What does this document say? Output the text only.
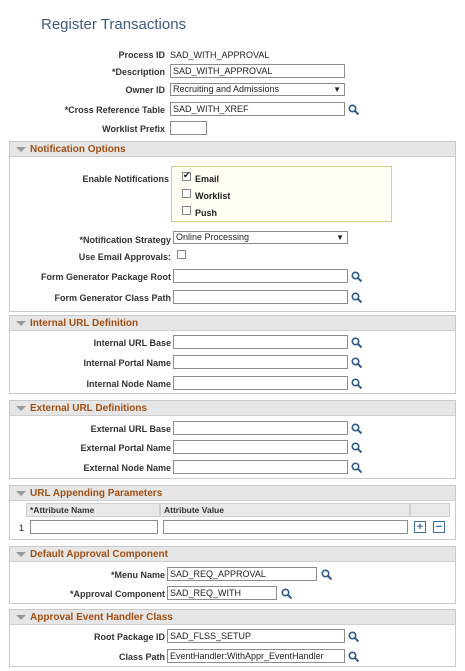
Register Transactions
Process ID SAD_WITH_APPROVAL
*Description SAD_WITH_APPROVAL
Owner ID Recruiting and Admissions	▼
*Cross Reference Table SAD_WITH_XREF
Worklist Prefix
Notification Options
Enable Notifications
✔	Email
Worklist
Push
*Notification Strategy Online Processing	▼
Use Email Approvals:
Form Generator Package Root
Form Generator Class Path
Internal URL Definition
Internal URL Base
Internal Portal Name
Internal Node Name
External URL Definitions
External URL Base
External Portal Name
External Node Name
URL Appending Parameters
*Attribute Name	Attribute Value
1	+ −
Default Approval Component
*Menu Name SAD_REQ_APPROVAL
*Approval Component SAD_REQ_WITH
Approval Event Handler Class
Root Package ID SAD_FLSS_SETUP
Class Path EventHandler:WithAppr_EventHandler
